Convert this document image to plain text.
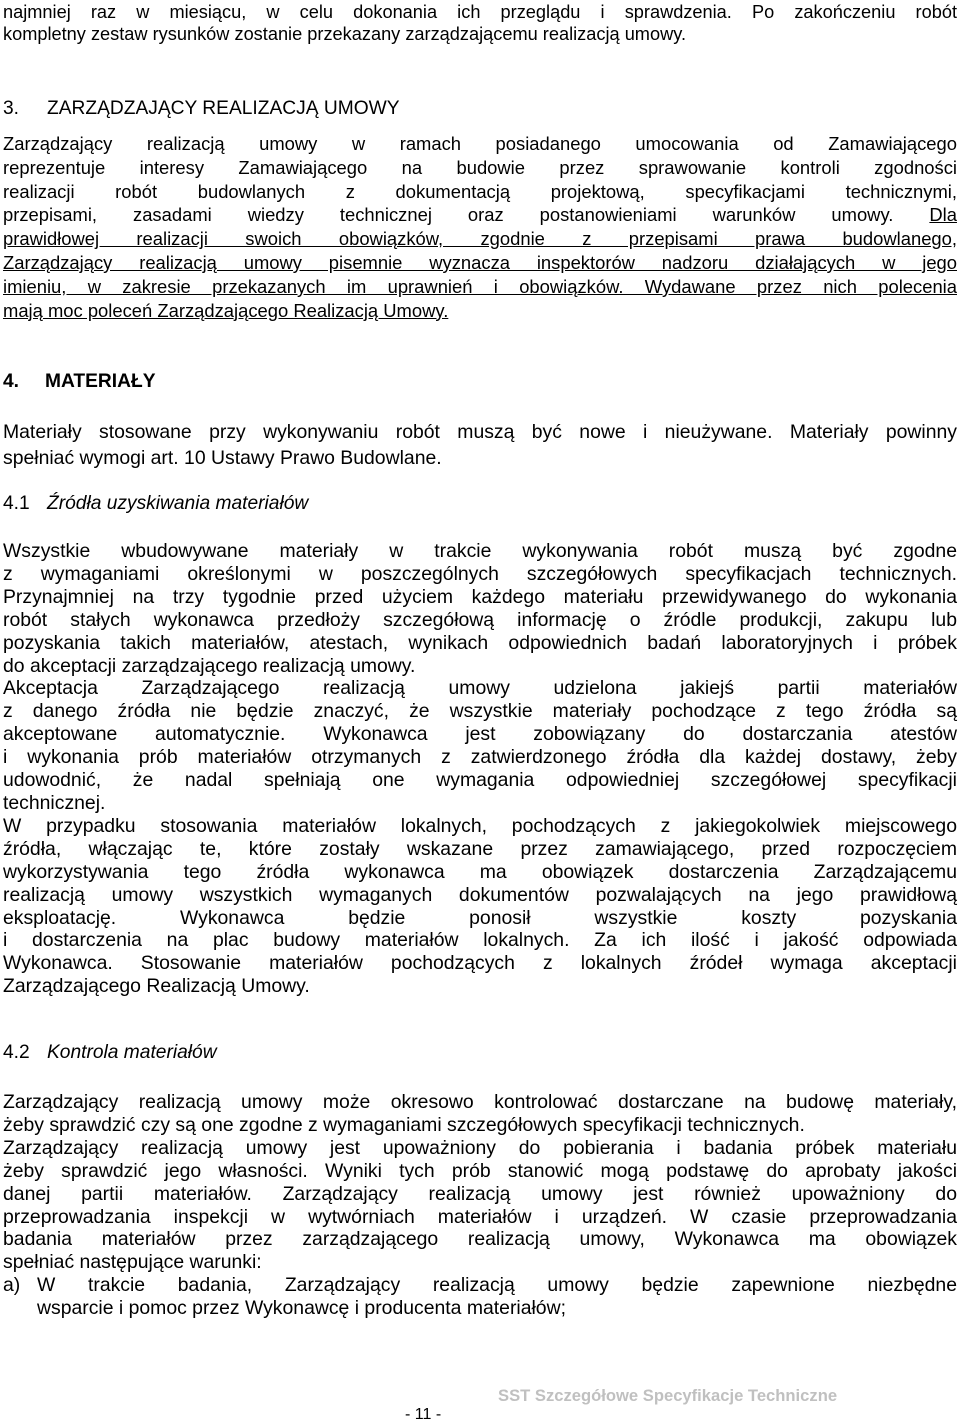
najmniej raz w miesiącu, w celu dokonania ich przeglądu i sprawdzenia. Po zakończeniu robót

kompletny zestaw rysunków zostanie przekazany zarządzającemu realizacją umowy.

3. ZARZĄDZAJĄCY REALIZACJĄ UMOWY

Zarządzający realizacją umowy w ramach posiadanego umocowania od Zamawiającego

reprezentuje interesy Zamawiającego na budowie przez sprawowanie kontroli zgodności

realizacji robót budowlanych z dokumentacją projektową, specyfikacjami technicznymi,

przepisami, zasadami wiedzy technicznej oraz postanowieniami warunków umowy. Dla

prawidłowej realizacji swoich obowiązków, zgodnie z przepisami prawa budowlanego,

Zarządzający realizacją umowy pisemnie wyznacza inspektorów nadzoru działających w jego

imieniu, w zakresie przekazanych im uprawnień i obowiązków. Wydawane przez nich polecenia

mają moc poleceń Zarządzającego Realizacją Umowy.

4. MATERIAŁY

Materiały stosowane przy wykonywaniu robót muszą być nowe i nieużywane. Materiały powinny

spełniać wymogi art. 10 Ustawy Prawo Budowlane.

4.1 Źródła uzyskiwania materiałów

Wszystkie wbudowywane materiały w trakcie wykonywania robót muszą być zgodne

z wymaganiami określonymi w poszczególnych szczegółowych specyfikacjach technicznych.

Przynajmniej na trzy tygodnie przed użyciem każdego materiału przewidywanego do wykonania

robót stałych wykonawca przedłoży szczegółową informację o źródle produkcji, zakupu lub

pozyskania takich materiałów, atestach, wynikach odpowiednich badań laboratoryjnych i próbek

do akceptacji zarządzającego realizacją umowy.

Akceptacja Zarządzającego realizacją umowy udzielona jakiejś partii materiałów

z danego źródła nie będzie znaczyć, że wszystkie materiały pochodzące z tego źródła są

akceptowane automatycznie. Wykonawca jest zobowiązany do dostarczania atestów

i wykonania prób materiałów otrzymanych z zatwierdzonego źródła dla każdej dostawy, żeby

udowodnić, że nadal spełniają one wymagania odpowiedniej szczegółowej specyfikacji

technicznej.

W przypadku stosowania materiałów lokalnych, pochodzących z jakiegokolwiek miejscowego

źródła, włączając te, które zostały wskazane przez zamawiającego, przed rozpoczęciem

wykorzystywania tego źródła wykonawca ma obowiązek dostarczenia Zarządzającemu

realizacją umowy wszystkich wymaganych dokumentów pozwalających na jego prawidłową

eksploatację. Wykonawca będzie ponosił wszystkie koszty pozyskania

i dostarczenia na plac budowy materiałów lokalnych. Za ich ilość i jakość odpowiada

Wykonawca. Stosowanie materiałów pochodzących z lokalnych źródeł wymaga akceptacji

Zarządzającego Realizacją Umowy.

4.2 Kontrola materiałów

Zarządzający realizacją umowy może okresowo kontrolować dostarczane na budowę materiały,

żeby sprawdzić czy są one zgodne z wymaganiami szczegółowych specyfikacji technicznych.

Zarządzający realizacją umowy jest upoważniony do pobierania i badania próbek materiału

żeby sprawdzić jego własności. Wyniki tych prób stanowić mogą podstawę do aprobaty jakości

danej partii materiałów. Zarządzający realizacją umowy jest również upoważniony do

przeprowadzania inspekcji w wytwórniach materiałów i urządzeń. W czasie przeprowadzania

badania materiałów przez zarządzającego realizacją umowy, Wykonawca ma obowiązek

spełniać następujące warunki:

a) W trakcie badania, Zarządzający realizacją umowy będzie zapewnione niezbędne

wsparcie i pomoc przez Wykonawcę i producenta materiałów;

SST Szczegółowe Specyfikacje Techniczne
- 11 -
